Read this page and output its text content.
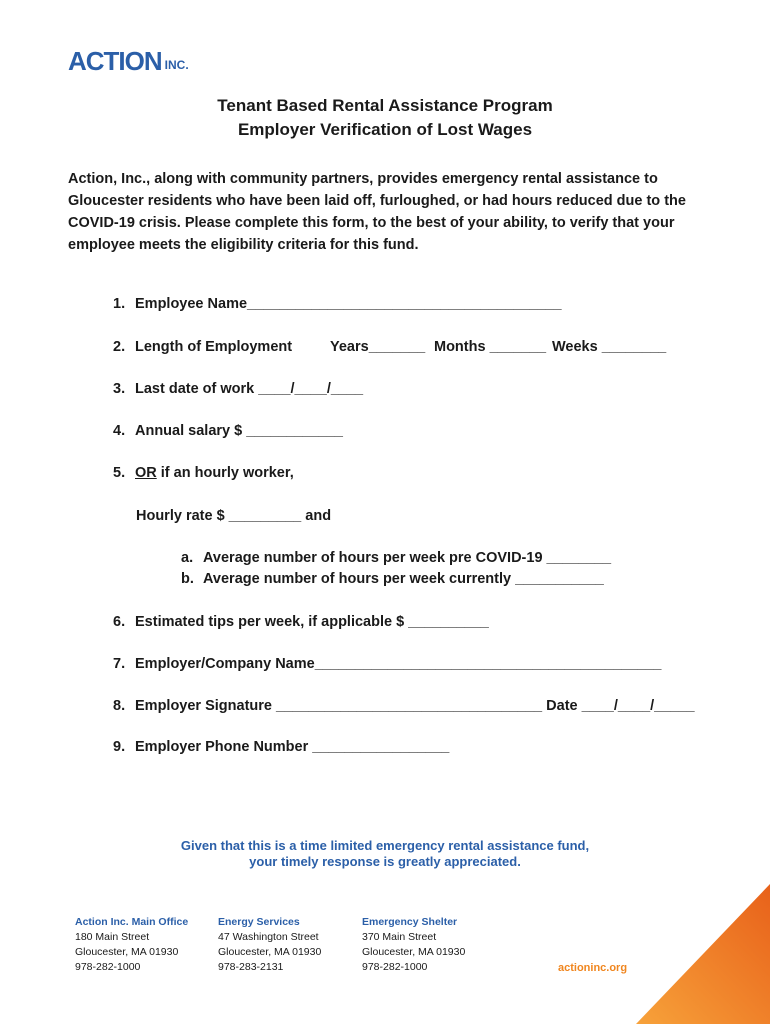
ACTION INC.
Tenant Based Rental Assistance Program
Employer Verification of Lost Wages
Action, Inc., along with community partners, provides emergency rental assistance to Gloucester residents who have been laid off, furloughed, or had hours reduced due to the COVID-19 crisis. Please complete this form, to the best of your ability, to verify that your employee meets the eligibility criteria for this fund.
1. Employee Name_______________________________________
2. Length of Employment	Years_______ Months _______ Weeks ________
3. Last date of work ____/____/____
4. Annual salary $ ____________
5. OR if an hourly worker,
Hourly rate $ _________ and
a. Average number of hours per week pre COVID-19 ________
b. Average number of hours per week currently ___________
6. Estimated tips per week, if applicable $ __________
7. Employer/Company Name___________________________________________
8. Employer Signature _________________________________ Date ____/____/_____
9. Employer Phone Number _________________
Given that this is a time limited emergency rental assistance fund,
your timely response is greatly appreciated.
Action Inc. Main Office
180 Main Street
Gloucester, MA 01930
978-282-1000
Energy Services
47 Washington Street
Gloucester, MA 01930
978-283-2131
Emergency Shelter
370 Main Street
Gloucester, MA 01930
978-282-1000	actioninc.org
